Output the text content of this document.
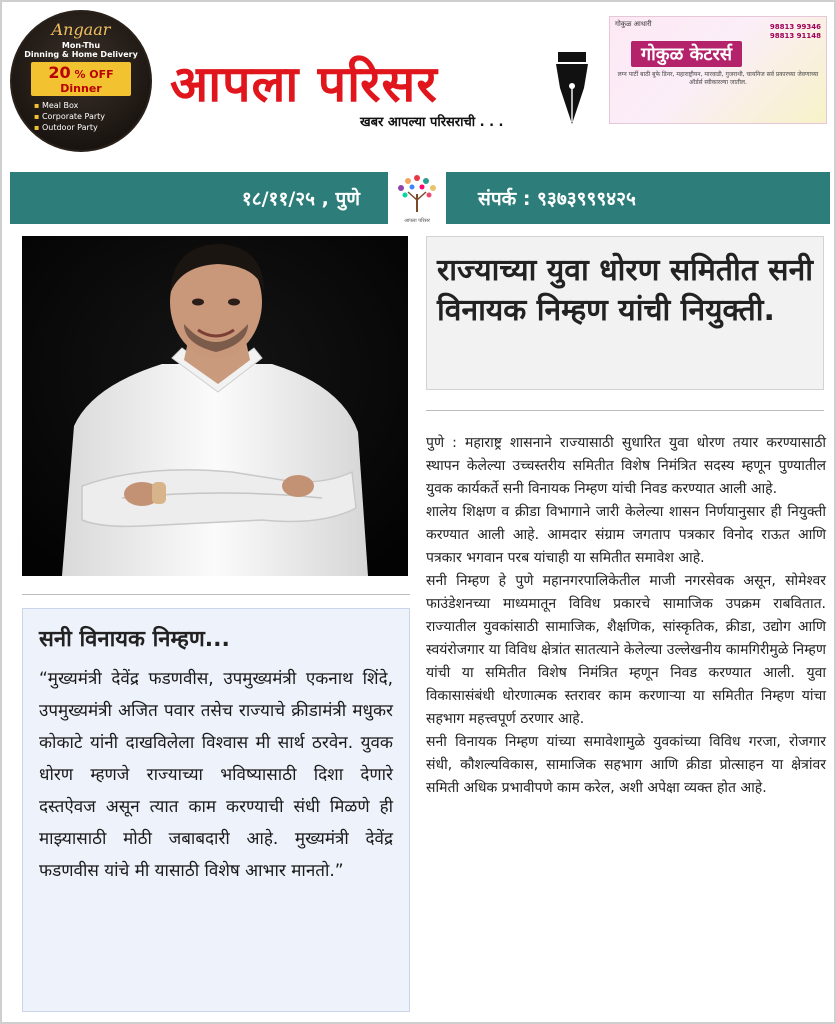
Angaar
Mon-Thu
Dinning & Home Delivery
20 % OFF Dinner
▪ Meal Box
▪ Corporate Party
▪ Outdoor Party
आपला परिसर
खबर आपल्या परिसराची . . .
गोकुळ आधारी	98813 99346
98813 91148
गोकुळ केटरर्स
लग्न पार्टी बाठी बुफे डिनर, महाराष्ट्रीयन, मारवाडी, गुजराथी, चायनिज सर्व प्रकारच्या जेवणाच्या ऑर्डर्स स्वीकारल्या जातील.
१८/११/२५ , पुणे
आपला परिसर
संपर्क : ९३७३९९९४२५
राज्याच्या युवा धोरण समितीत सनी विनायक निम्हण यांची नियुक्ती.

पुणे : महाराष्ट्र शासनाने राज्यासाठी सुधारित युवा धोरण तयार करण्यासाठी स्थापन केलेल्या उच्चस्तरीय समितीत विशेष निमंत्रित सदस्य म्हणून पुण्यातील युवक कार्यकर्ते सनी विनायक निम्हण यांची निवड करण्यात आली आहे.

शालेय शिक्षण व क्रीडा विभागाने जारी केलेल्या शासन निर्णयानुसार ही नियुक्ती करण्यात आली आहे. आमदार संग्राम जगताप पत्रकार विनोद राऊत आणि पत्रकार भगवान परब यांचाही या समितीत समावेश आहे.

सनी निम्हण हे पुणे महानगरपालिकेतील माजी नगरसेवक असून, सोमेश्वर फाउंडेशनच्या माध्यमातून विविध प्रकारचे सामाजिक उपक्रम राबवितात. राज्यातील युवकांसाठी सामाजिक, शैक्षणिक, सांस्कृतिक, क्रीडा, उद्योग आणि स्वयंरोजगार या विविध क्षेत्रांत सातत्याने केलेल्या उल्लेखनीय कामगिरीमुळे निम्हण यांची या समितीत विशेष निमंत्रित म्हणून निवड करण्यात आली. युवा विकासासंबंधी धोरणात्मक स्तरावर काम करणाऱ्या या समितीत निम्हण यांचा सहभाग महत्त्वपूर्ण ठरणार आहे.

सनी विनायक निम्हण यांच्या समावेशामुळे युवकांच्या विविध गरजा, रोजगार संधी, कौशल्यविकास, सामाजिक सहभाग आणि क्रीडा प्रोत्साहन या क्षेत्रांवर समिती अधिक प्रभावीपणे काम करेल, अशी अपेक्षा व्यक्त होत आहे.

सनी विनायक निम्हण...

“मुख्यमंत्री देवेंद्र फडणवीस, उपमुख्यमंत्री एकनाथ शिंदे, उपमुख्यमंत्री अजित पवार तसेच राज्याचे क्रीडामंत्री मधुकर कोकाटे यांनी दाखविलेला विश्वास मी सार्थ ठरवेन. युवक धोरण म्हणजे राज्याच्या भविष्यासाठी दिशा देणारे दस्तऐवज असून त्यात काम करण्याची संधी मिळणे ही माझ्यासाठी मोठी जबाबदारी आहे. मुख्यमंत्री देवेंद्र फडणवीस यांचे मी यासाठी विशेष आभार मानतो.”
